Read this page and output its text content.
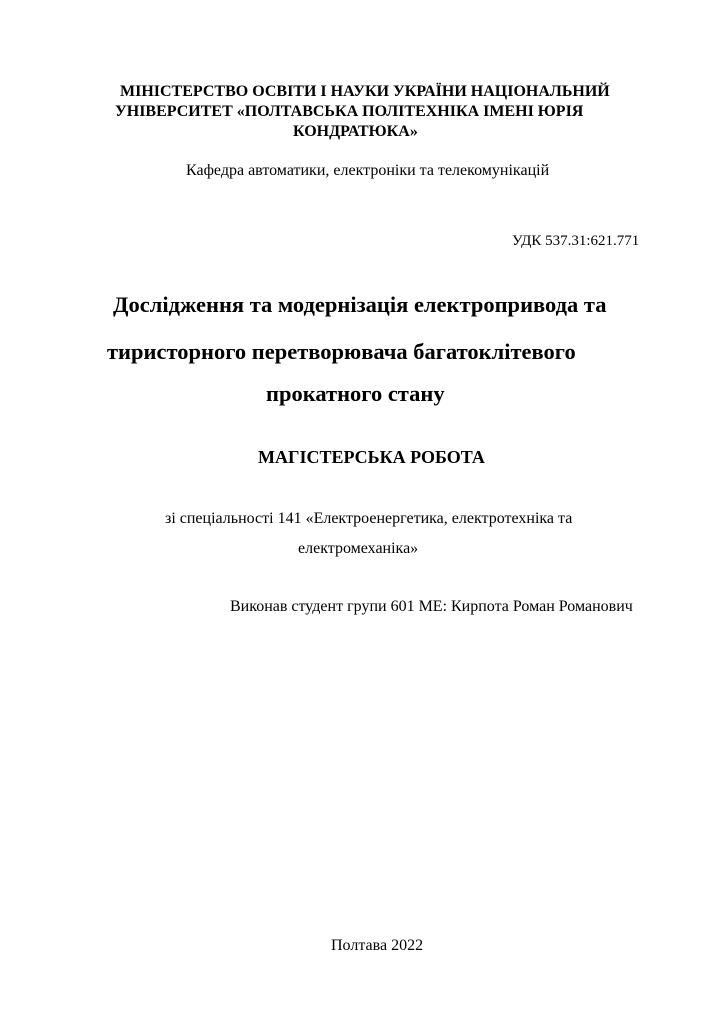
МІНІСТЕРСТВО ОСВІТИ І НАУКИ УКРАЇНИ НАЦІОНАЛЬНИЙ
УНІВЕРСИТЕТ «ПОЛТАВСЬКА ПОЛІТЕХНІКА ІМЕНІ ЮРІЯ
КОНДРАТЮКА»
Кафедра автоматики, електроніки та телекомунікацій
УДК 537.31:621.771
Дослідження та модернізація електропривода та
тиристорного перетворювача багатоклітевого
прокатного стану
МАГІСТЕРСЬКА РОБОТА
зі спеціальності 141 «Електроенергетика, електротехніка та
електромеханіка»
Виконав студент групи 601 МЕ: Кирпота Роман Романович
Полтава 2022
